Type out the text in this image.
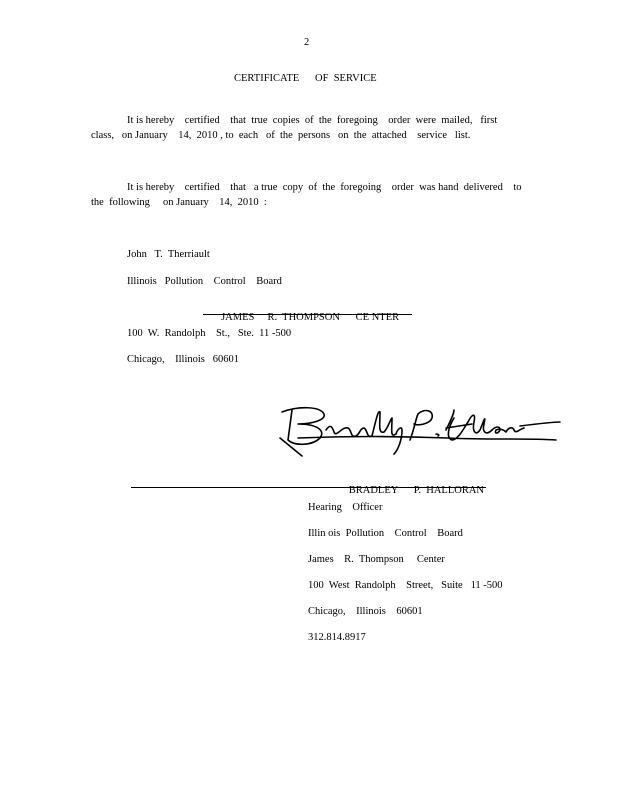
2
CERTIFICATE      OF  SERVICE
It is hereby    certified    that  true  copies  of  the  foregoing    order  were  mailed,   first
class,   on January    14,  2010 , to  each   of  the  persons   on  the  attached    service   list.
It is hereby    certified    that   a true  copy  of  the  foregoing    order  was hand  delivered    to
the  following     on January    14,  2010  :
John   T.  Therriault
Illinois   Pollution    Control    Board

JAMES     R.  THOMPSON      CE NTER

100  W.  Randolph    St.,   Ste.  11 -500
Chicago,    Illinois   60601

BRADLEY      P.  HALLORAN

Hearing    Officer
Illin ois  Pollution    Control    Board
James    R.  Thompson     Center
100  West  Randolph    Street,   Suite   11 -500
Chicago,    Illinois    60601
312.814.8917
